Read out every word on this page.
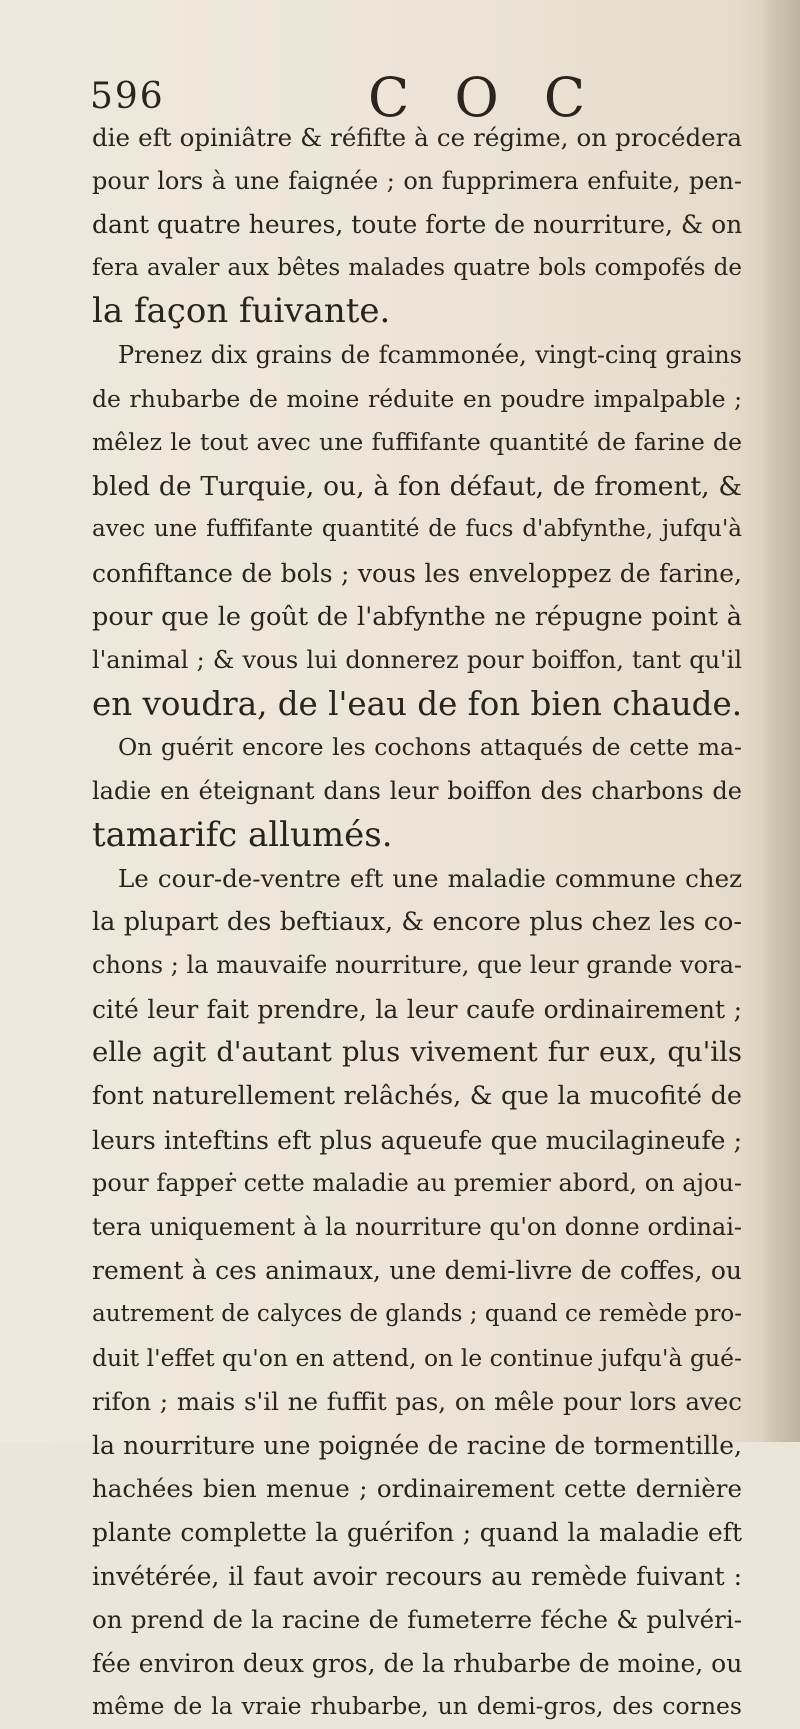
596	C O C
die eft opiniâtre & réfifte à ce régime, on procédera
pour lors à une faignée ; on fupprimera enfuite, pen-
dant quatre heures, toute forte de nourriture, & on
fera avaler aux bêtes malades quatre bols compofés de
la façon fuivante.
Prenez dix grains de fcammonée, vingt-cinq grains
de rhubarbe de moine réduite en poudre impalpable ;
mêlez le tout avec une fuffifante quantité de farine de
bled de Turquie, ou, à fon défaut, de froment, &
avec une fuffifante quantité de fucs d'abfynthe, jufqu'à
confiftance de bols ; vous les enveloppez de farine,
pour que le goût de l'abfynthe ne répugne point à
l'animal ; & vous lui donnerez pour boiffon, tant qu'il
en voudra, de l'eau de fon bien chaude.
On guérit encore les cochons attaqués de cette ma-
ladie en éteignant dans leur boiffon des charbons de
tamarifc allumés.
Le cour-de-ventre eft une maladie commune chez
la plupart des beftiaux, & encore plus chez les co-
chons ; la mauvaife nourriture, que leur grande vora-
cité leur fait prendre, la leur caufe ordinairement ;
elle agit d'autant plus vivement fur eux, qu'ils
font naturellement relâchés, & que la mucofité de
leurs inteftins eft plus aqueufe que mucilagineufe ;
pour fappeṙ cette maladie au premier abord, on ajou-
tera uniquement à la nourriture qu'on donne ordinai-
rement à ces animaux, une demi-livre de coffes, ou
autrement de calyces de glands ; quand ce remède pro-
duit l'effet qu'on en attend, on le continue jufqu'à gué-
rifon ; mais s'il ne fuffit pas, on mêle pour lors avec
la nourriture une poignée de racine de tormentille,
hachées bien menue ; ordinairement cette dernière
plante complette la guérifon ; quand la maladie eft
invétérée, il faut avoir recours au remède fuivant :
on prend de la racine de fumeterre féche & pulvéri-
fée environ deux gros, de la rhubarbe de moine, ou
même de la vraie rhubarbe, un demi-gros, des cornes
